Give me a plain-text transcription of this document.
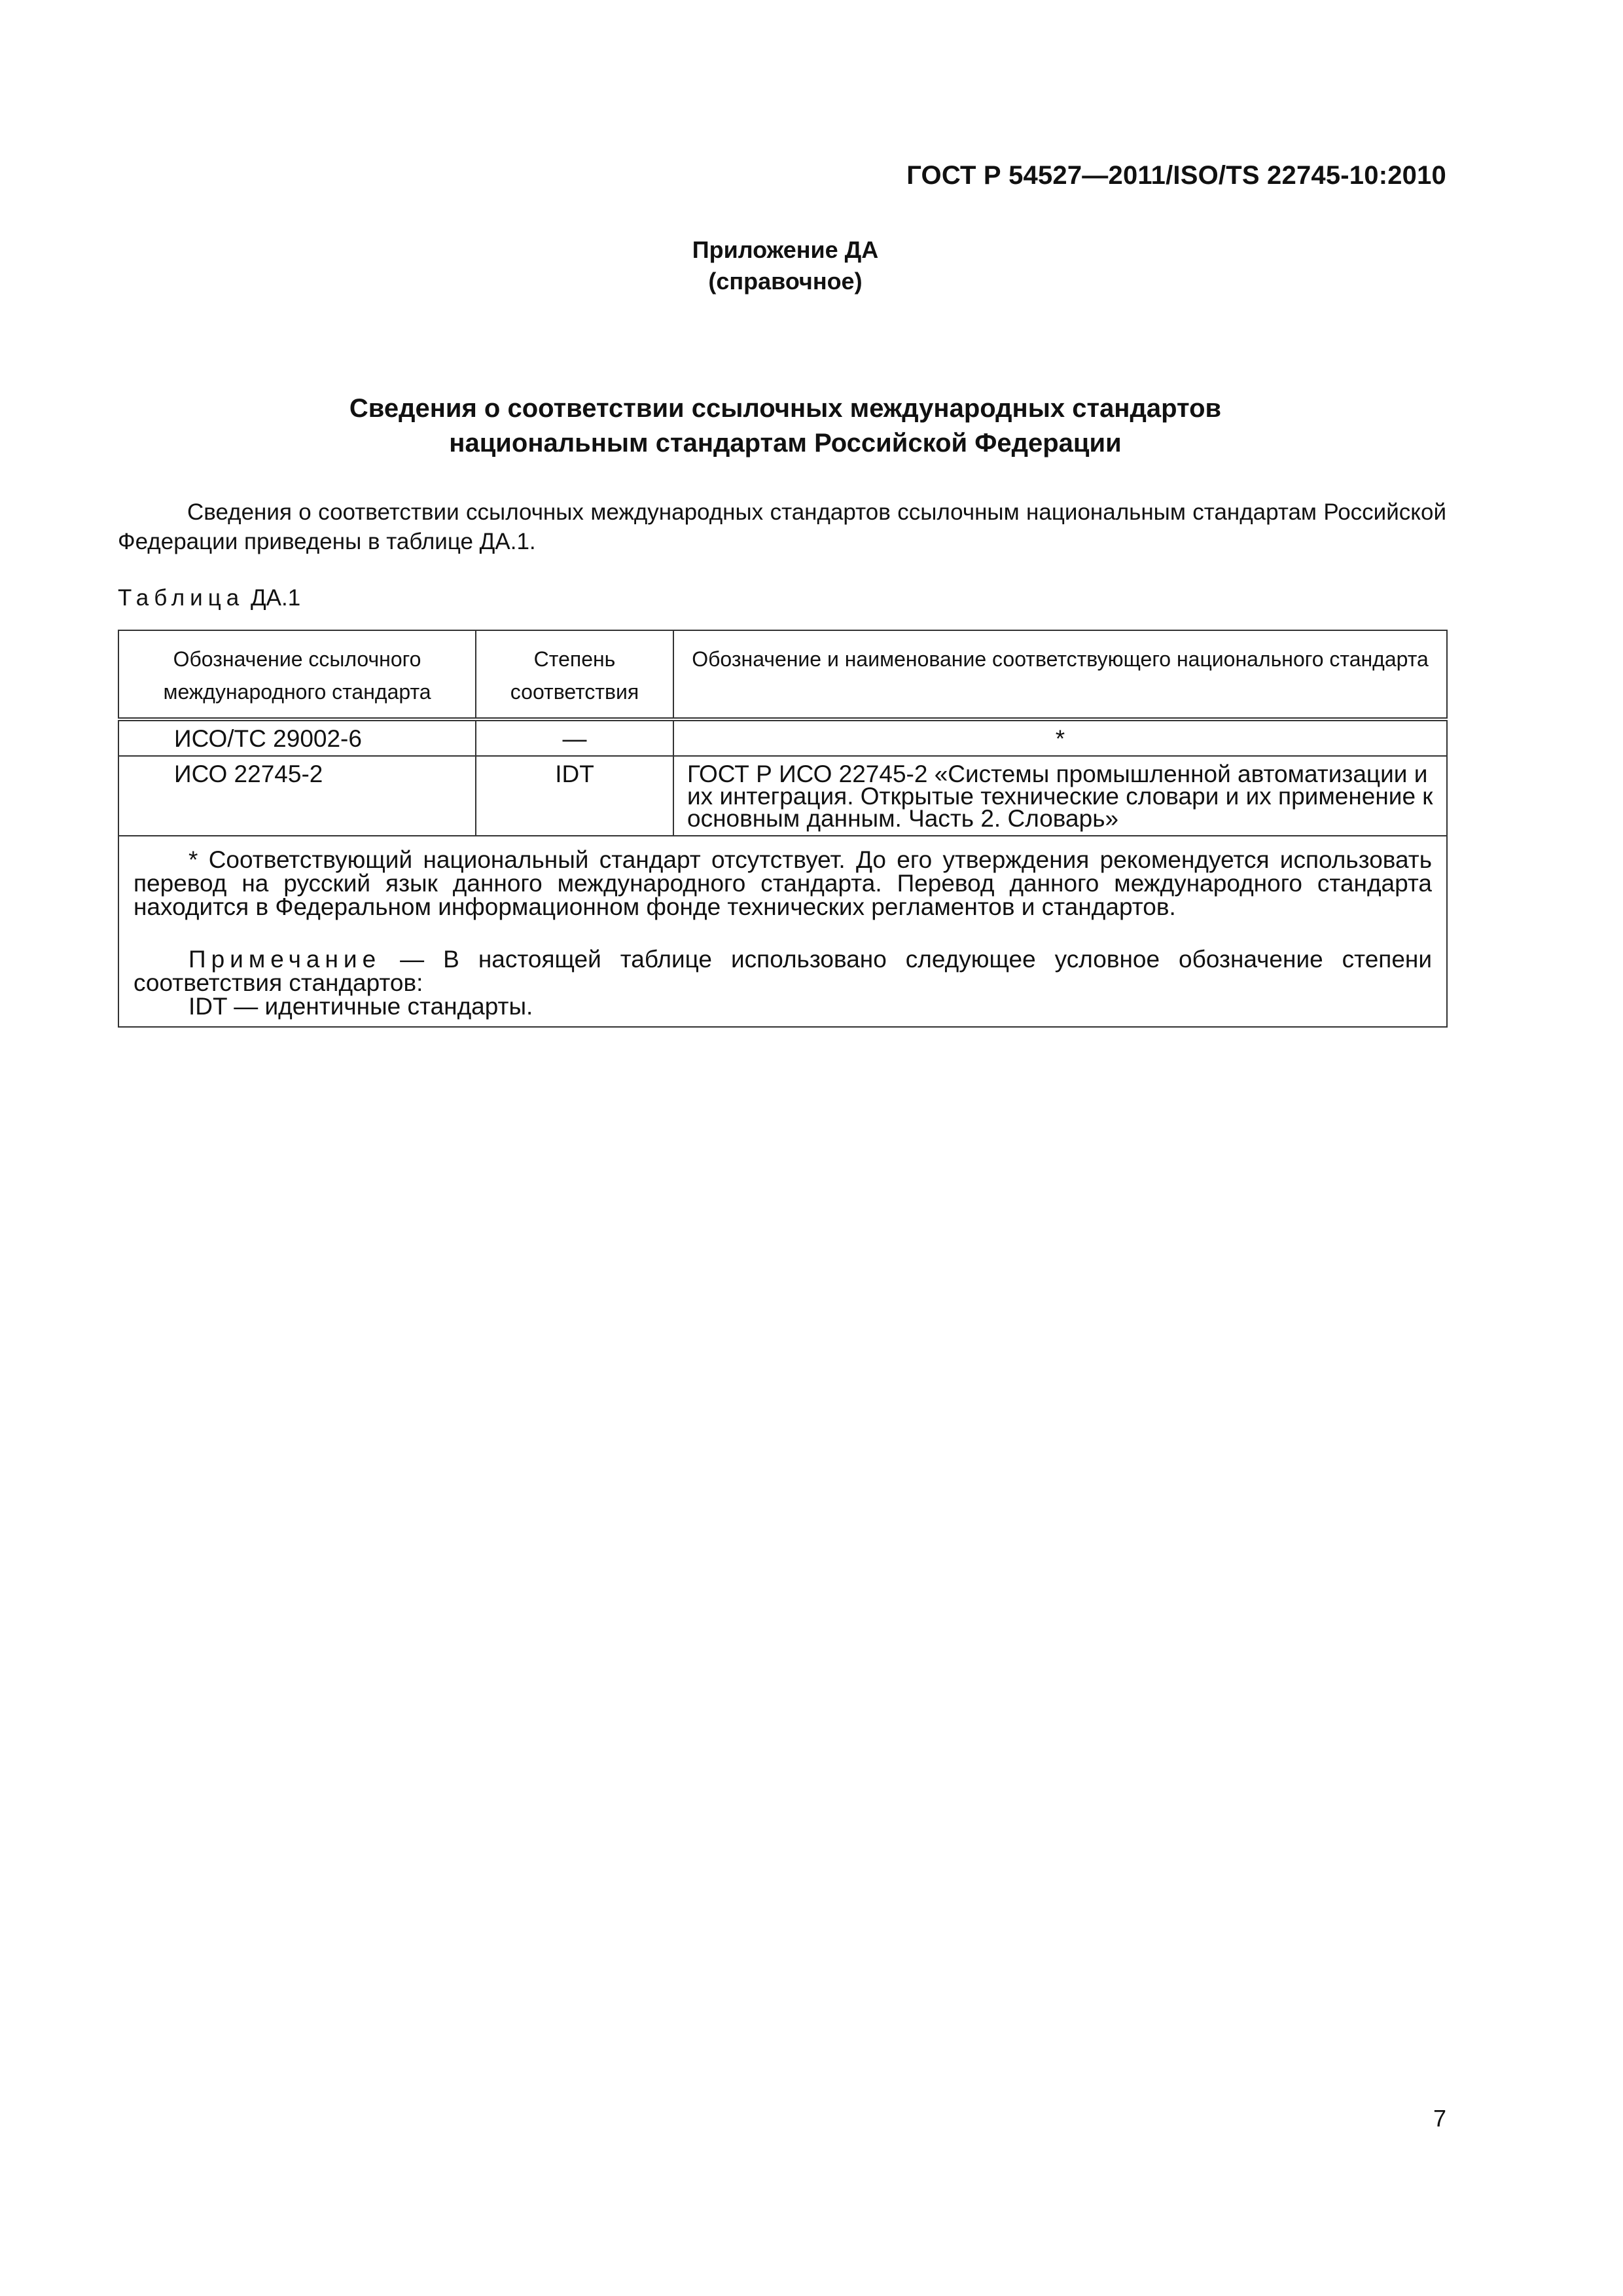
ГОСТ Р 54527—2011/ISO/TS 22745-10:2010
Приложение ДА
(справочное)
Сведения о соответствии ссылочных международных стандартов
национальным стандартам Российской Федерации

Сведения о соответствии ссылочных международных стандартов ссылочным национальным стандартам Российской Федерации приведены в таблице ДА.1.

Таблица ДА.1
Обозначение ссылочного международного стандарта	Степень соответствия	Обозначение и наименование соответствующего национального стандарта
ИСО/ТС 29002-6	—	*
ИСО 22745-2	IDT	ГОСТ Р ИСО 22745-2 «Системы промышленной автоматизации и их интеграция. Открытые технические словари и их применение к основным данным. Часть 2. Словарь»

* Соответствующий национальный стандарт отсутствует. До его утверждения рекомендуется использовать перевод на русский язык данного международного стандарта. Перевод данного международного стандарта находится в Федеральном информационном фонде технических регламентов и стандартов.

Примечание — В настоящей таблице использовано следующее условное обозначение степени соответствия стандартов:

IDT — идентичные стандарты.		

7
